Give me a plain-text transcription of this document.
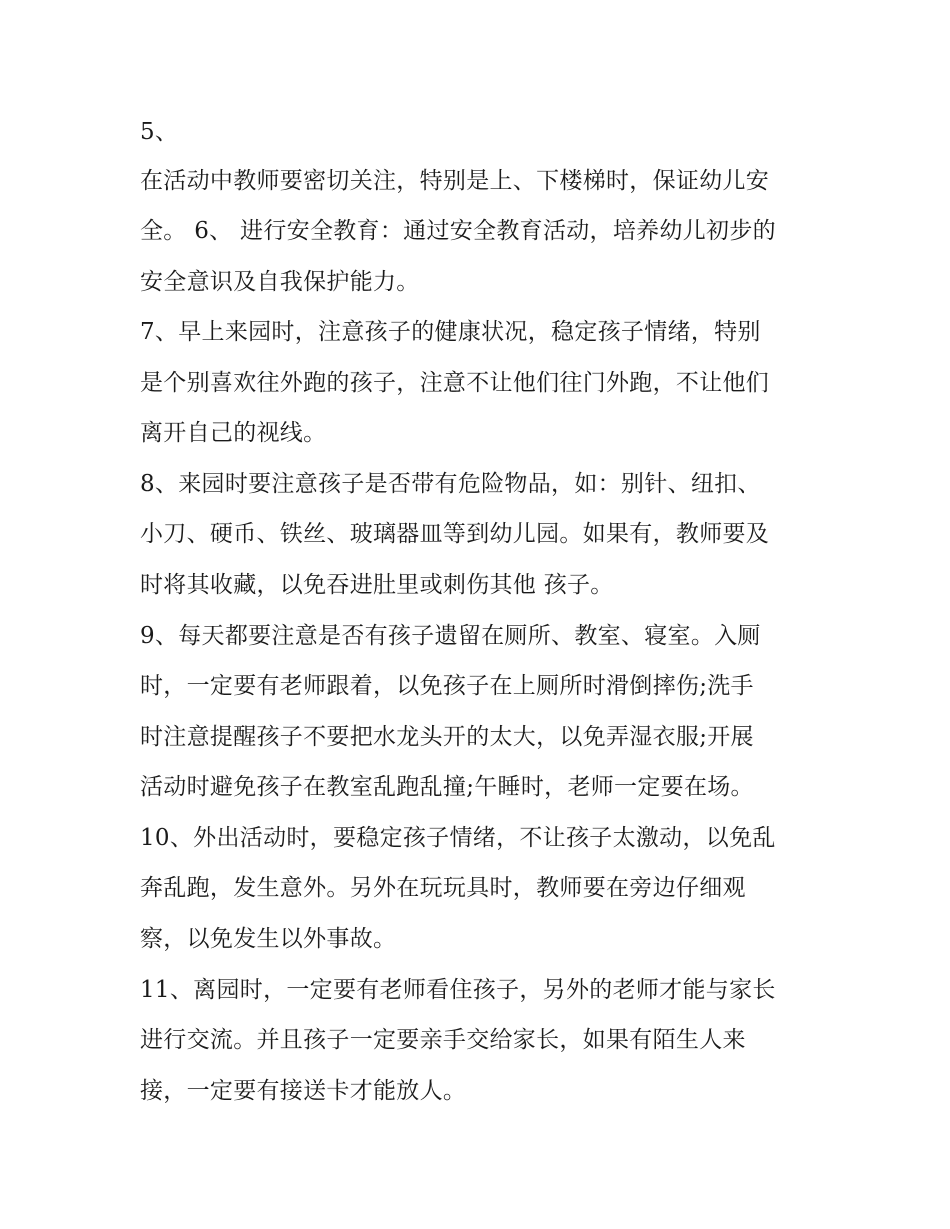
5、

在活动中教师要密切关注，特别是上、下楼梯时，保证幼儿安

全。 6、 进行安全教育：通过安全教育活动，培养幼儿初步的

安全意识及自我保护能力。

7、早上来园时，注意孩子的健康状况，稳定孩子情绪，特别

是个别喜欢往外跑的孩子，注意不让他们往门外跑，不让他们

离开自己的视线。

8、来园时要注意孩子是否带有危险物品，如：别针、纽扣、

小刀、硬币、铁丝、玻璃器皿等到幼儿园。如果有，教师要及

时将其收藏，以免吞进肚里或刺伤其他 孩子。

9、每天都要注意是否有孩子遗留在厕所、教室、寝室。入厕

时，一定要有老师跟着，以免孩子在上厕所时滑倒摔伤;洗手

时注意提醒孩子不要把水龙头开的太大，以免弄湿衣服;开展

活动时避免孩子在教室乱跑乱撞;午睡时，老师一定要在场。

10、外出活动时，要稳定孩子情绪，不让孩子太激动，以免乱

奔乱跑，发生意外。另外在玩玩具时，教师要在旁边仔细观

察，以免发生以外事故。

11、离园时，一定要有老师看住孩子，另外的老师才能与家长

进行交流。并且孩子一定要亲手交给家长，如果有陌生人来

接，一定要有接送卡才能放人。
